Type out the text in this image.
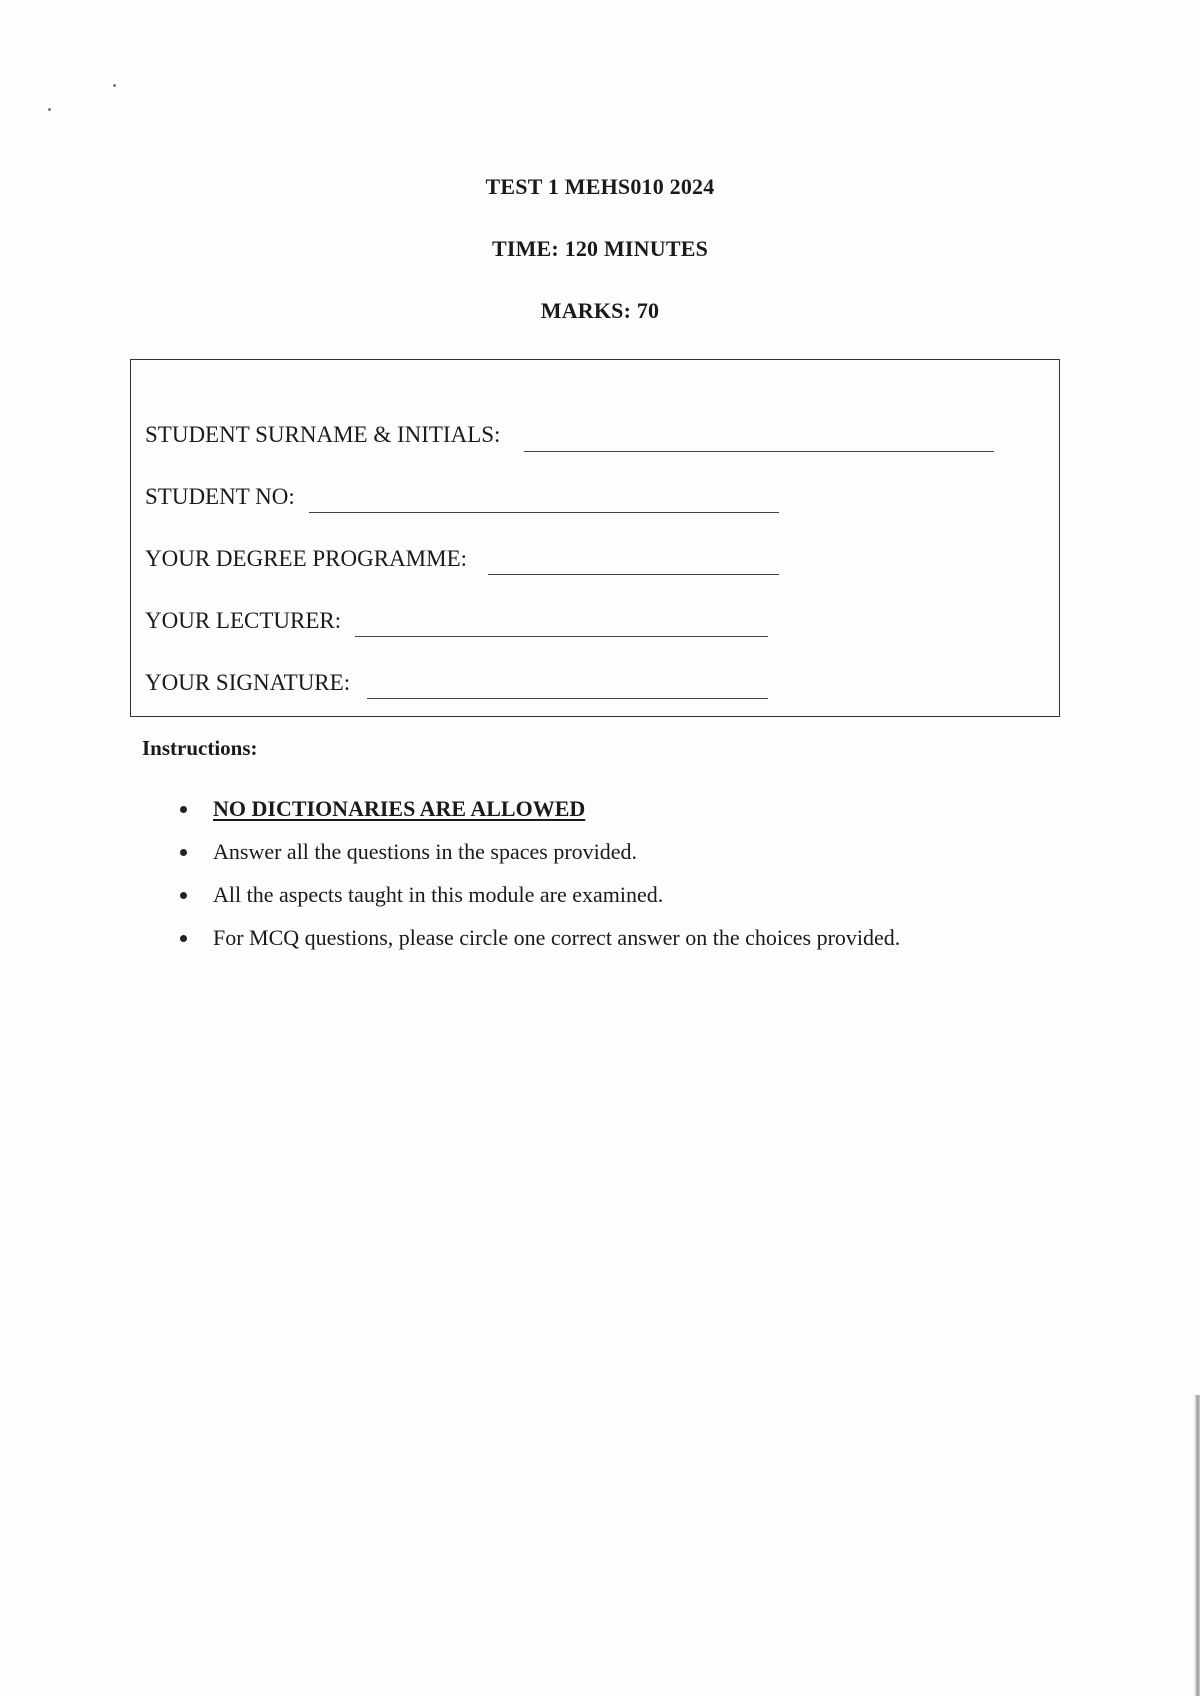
TEST 1 MEHS010 2024
TIME: 120 MINUTES
MARKS: 70
STUDENT SURNAME & INITIALS:
STUDENT NO:
YOUR DEGREE PROGRAMME:
YOUR LECTURER:
YOUR SIGNATURE:
Instructions:
NO DICTIONARIES ARE ALLOWED
Answer all the questions in the spaces provided.
All the aspects taught in this module are examined.
For MCQ questions, please circle one correct answer on the choices provided.
